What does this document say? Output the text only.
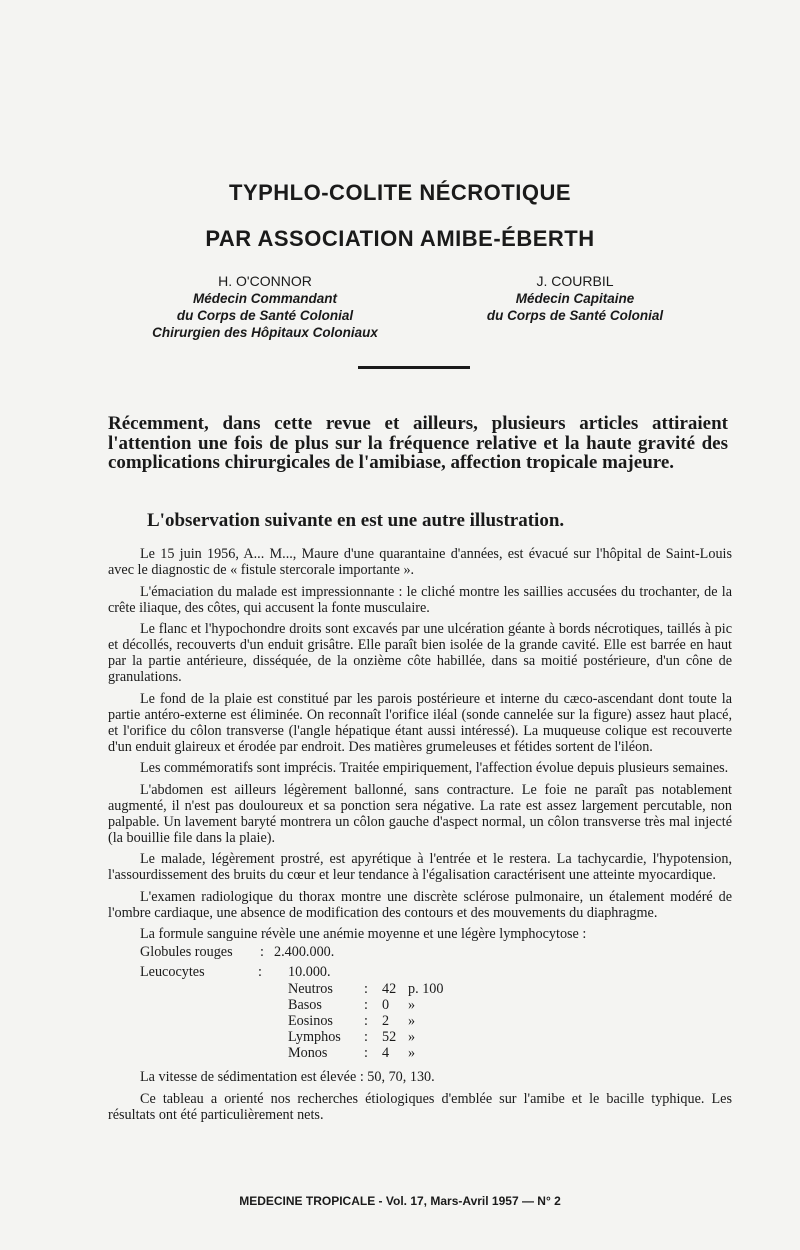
TYPHLO-COLITE NÉCROTIQUE
PAR ASSOCIATION AMIBE-ÉBERTH
H. O'CONNOR
Médecin Commandant
du Corps de Santé Colonial
Chirurgien des Hôpitaux Coloniaux
J. COURBIL
Médecin Capitaine
du Corps de Santé Colonial
Récemment, dans cette revue et ailleurs, plusieurs articles attiraient l'attention une fois de plus sur la fréquence relative et la haute gravité des complications chirurgicales de l'amibiase, affection tropicale majeure.
L'observation suivante en est une autre illustration.

Le 15 juin 1956, A... M..., Maure d'une quarantaine d'années, est évacué sur l'hôpital de Saint-Louis avec le diagnostic de « fistule stercorale importante ».

L'émaciation du malade est impressionnante : le cliché montre les saillies accusées du trochanter, de la crête iliaque, des côtes, qui accusent la fonte musculaire.

Le flanc et l'hypochondre droits sont excavés par une ulcération géante à bords nécrotiques, taillés à pic et décollés, recouverts d'un enduit grisâtre. Elle paraît bien isolée de la grande cavité. Elle est barrée en haut par la partie antérieure, disséquée, de la onzième côte habillée, dans sa moitié postérieure, d'un cône de granulations.

Le fond de la plaie est constitué par les parois postérieure et interne du cæco-ascendant dont toute la partie antéro-externe est éliminée. On reconnaît l'orifice iléal (sonde cannelée sur la figure) assez haut placé, et l'orifice du côlon transverse (l'angle hépatique étant aussi intéressé). La muqueuse colique est recouverte d'un enduit glaireux et érodée par endroit. Des matières grumeleuses et fétides sortent de l'iléon.

Les commémoratifs sont imprécis. Traitée empiriquement, l'affection évolue depuis plusieurs semaines.

L'abdomen est ailleurs légèrement ballonné, sans contracture. Le foie ne paraît pas notablement augmenté, il n'est pas douloureux et sa ponction sera négative. La rate est assez largement percutable, non palpable. Un lavement baryté montrera un côlon gauche d'aspect normal, un côlon transverse très mal injecté (la bouillie file dans la plaie).

Le malade, légèrement prostré, est apyrétique à l'entrée et le restera. La tachycardie, l'hypotension, l'assourdissement des bruits du cœur et leur tendance à l'égalisation caractérisent une atteinte myocardique.

L'examen radiologique du thorax montre une discrète sclérose pulmonaire, un étalement modéré de l'ombre cardiaque, une absence de modification des contours et des mouvements du diaphragme.

La formule sanguine révèle une anémie moyenne et une légère lymphocytose :

Globules rouges	: 2.400.000.
Leucocytes	:	10.000.
Neutros	: 42 p. 100
Basos	: 0	»
Eosinos	: 2	»
Lymphos	: 52 »
Monos	: 4	»

La vitesse de sédimentation est élevée : 50, 70, 130.

Ce tableau a orienté nos recherches étiologiques d'emblée sur l'amibe et le bacille typhique. Les résultats ont été particulièrement nets.

MEDECINE TROPICALE - Vol. 17, Mars-Avril 1957 — N° 2
